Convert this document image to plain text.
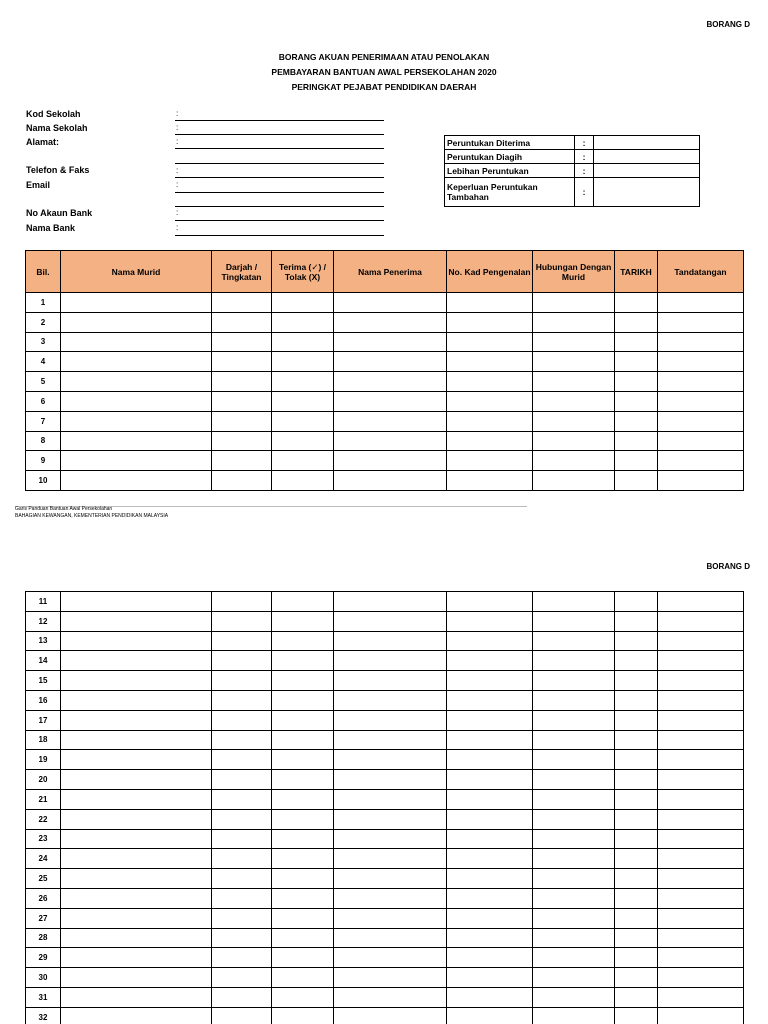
BORANG D
BORANG AKUAN PENERIMAAN ATAU PENOLAKAN
PEMBAYARAN BANTUAN AWAL PERSEKOLAHAN 2020
PERINGKAT PEJABAT PENDIDIKAN DAERAH
Kod Sekolah	:
Nama Sekolah	:
Alamat:	:
Telefon & Faks	:
Email	:
No Akaun Bank	:
Nama Bank	:
Peruntukan Diterima	:	
Peruntukan Diagih	:	
Lebihan Peruntukan	:	
Keperluan Peruntukan Tambahan	:	
Bil.	Nama Murid	Darjah / Tingkatan	Terima (✓) / Tolak (X)	Nama Penerima	No. Kad Pengenalan	Hubungan Dengan Murid	TARIKH	Tandatangan
1								
2								
3								
4								
5								
6								
7								
8								
9								
10								
Garis Panduan Bantuan Awal Persekolahan
BAHAGIAN KEWANGAN, KEMENTERIAN PENDIDIKAN MALAYSIA
BORANG D
11								
12								
13								
14								
15								
16								
17								
18								
19								
20								
21								
22								
23								
24								
25								
26								
27								
28								
29								
30								
31								
32								
